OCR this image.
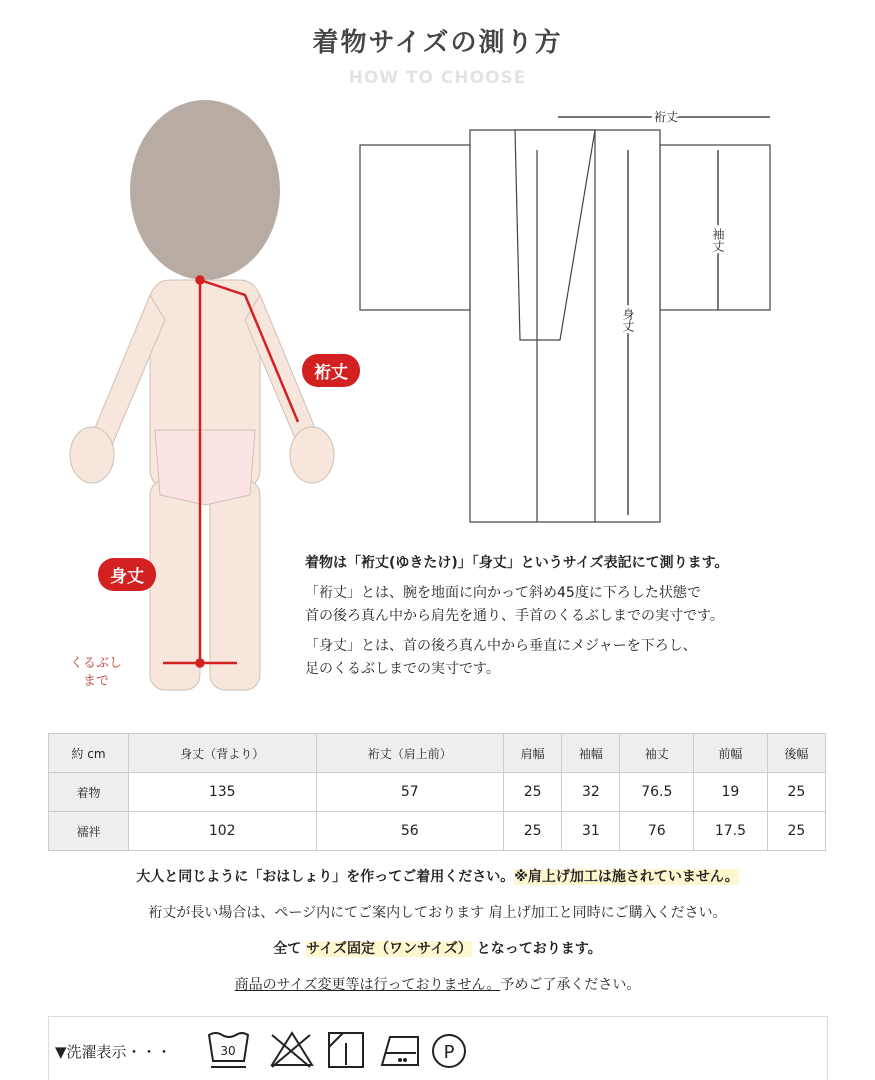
着物サイズの測り方
HOW TO CHOOSE
裄丈
袖丈
身丈
裄丈
身丈
くるぶし
まで

着物は「裄丈(ゆきたけ)」「身丈」というサイズ表記にて測ります。

「裄丈」とは、腕を地面に向かって斜め45度に下ろした状態で
首の後ろ真ん中から肩先を通り、手首のくるぶしまでの実寸です。

「身丈」とは、首の後ろ真ん中から垂直にメジャーを下ろし、
足のくるぶしまでの実寸です。

約 cm	身丈（背より）	裄丈（肩上前）	肩幅	袖幅	袖丈	前幅	後幅
着物	135	57	25	32	76.5	19	25
襦袢	102	56	25	31	76	17.5	25
大人と同じように「おはしょり」を作ってご着用ください。※肩上げ加工は施されていません。
裄丈が長い場合は、ページ内にてご案内しております 肩上げ加工と同時にご購入ください。
全て サイズ固定（ワンサイズ） となっております。
商品のサイズ変更等は行っておりません。予めご了承ください。
▼洗濯表示・・・	30	P
